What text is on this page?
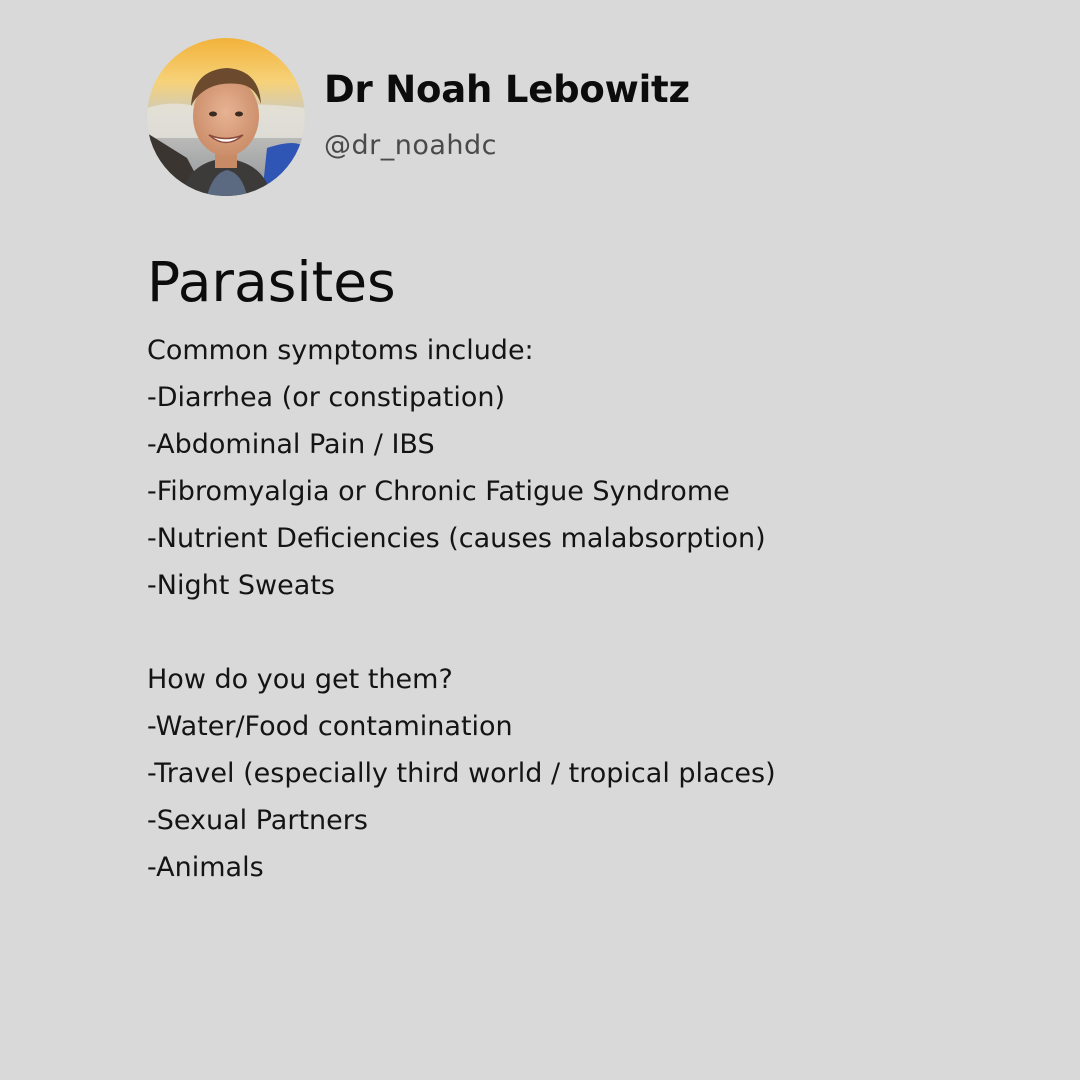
Dr Noah Lebowitz
@dr_noahdc
Parasites
Common symptoms include:
-Diarrhea (or constipation)
-Abdominal Pain / IBS
-Fibromyalgia or Chronic Fatigue Syndrome
-Nutrient Deficiencies (causes malabsorption)
-Night Sweats
How do you get them?
-Water/Food contamination
-Travel (especially third world / tropical places)
-Sexual Partners
-Animals
